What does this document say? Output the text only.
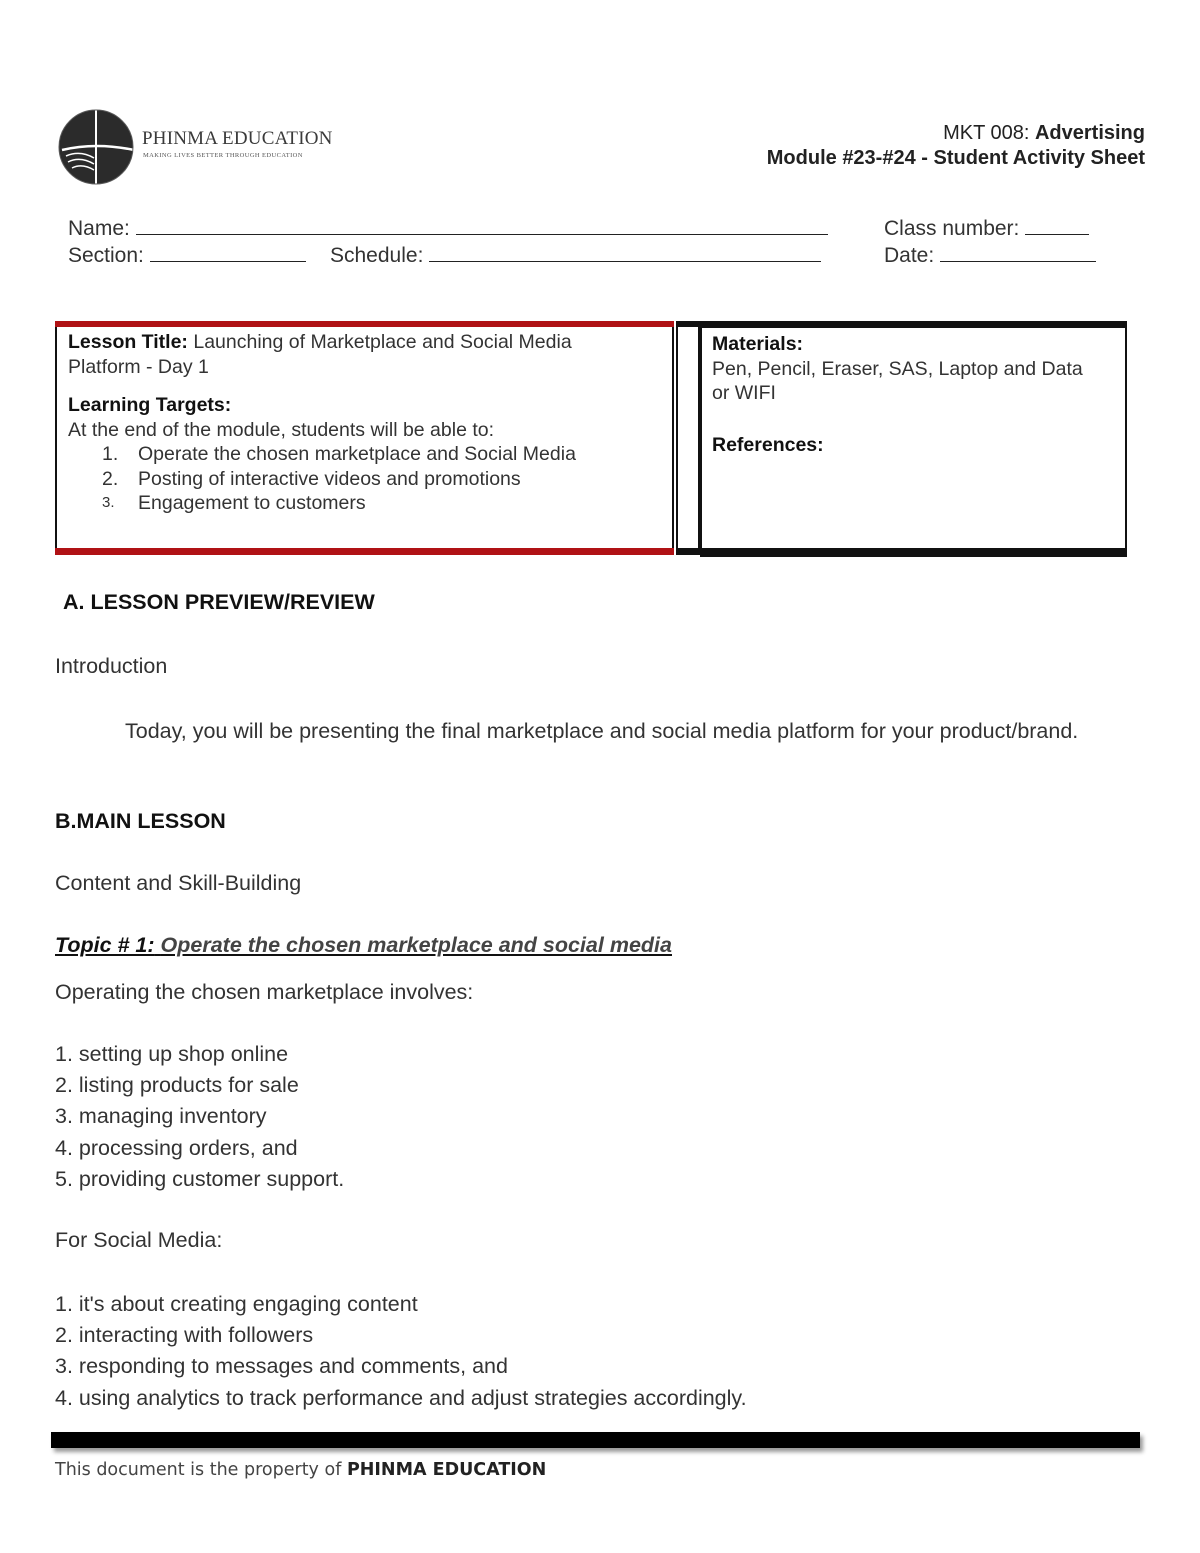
PHINMA EDUCATION
MAKING LIVES BETTER THROUGH EDUCATION
MKT 008: Advertising
Module #23-#24 - Student Activity Sheet
Name:	Class number:
Section:	Schedule:	Date:
Lesson Title: Launching of Marketplace and Social Media Platform - Day 1
Learning Targets:
At the end of the module, students will be able to:
1. Operate the chosen marketplace and Social Media
2. Posting of interactive videos and promotions
3. Engagement to customers
Materials:
Pen, Pencil, Eraser, SAS, Laptop and Data or WIFI
References:
A. LESSON PREVIEW/REVIEW
Introduction
Today, you will be presenting the final marketplace and social media platform for your product/brand.
B.MAIN LESSON
Content and Skill-Building
Topic # 1: Operate the chosen marketplace and social media
Operating the chosen marketplace involves:
1. setting up shop online
2. listing products for sale
3. managing inventory
4. processing orders, and
5. providing customer support.
For Social Media:
1. it's about creating engaging content
2. interacting with followers
3. responding to messages and comments, and
4. using analytics to track performance and adjust strategies accordingly.
This document is the property of PHINMA EDUCATION
